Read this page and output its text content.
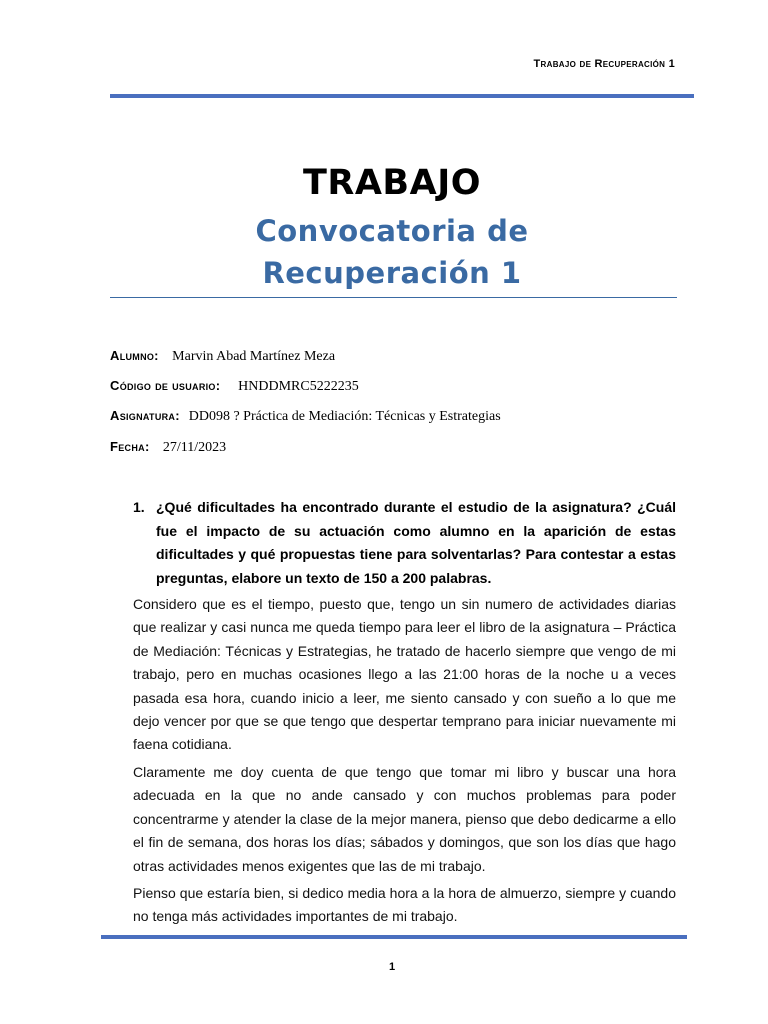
Trabajo de Recuperación 1
TRABAJO
Convocatoria de
Recuperación 1
Alumno: Marvin Abad Martínez Meza
Código de usuario: HNDDMRC5222235
Asignatura: DD098 ? Práctica de Mediación: Técnicas y Estrategias
Fecha: 27/11/2023
1. ¿Qué dificultades ha encontrado durante el estudio de la asignatura? ¿Cuál fue el impacto de su actuación como alumno en la aparición de estas dificultades y qué propuestas tiene para solventarlas? Para contestar a estas preguntas, elabore un texto de 150 a 200 palabras.
Considero que es el tiempo, puesto que, tengo un sin numero de actividades diarias que realizar y casi nunca me queda tiempo para leer el libro de la asignatura – Práctica de Mediación: Técnicas y Estrategias, he tratado de hacerlo siempre que vengo de mi trabajo, pero en muchas ocasiones llego a las 21:00 horas de la noche u a veces pasada esa hora, cuando inicio a leer, me siento cansado y con sueño a lo que me dejo vencer por que se que tengo que despertar temprano para iniciar nuevamente mi faena cotidiana.
Claramente me doy cuenta de que tengo que tomar mi libro y buscar una hora adecuada en la que no ande cansado y con muchos problemas para poder concentrarme y atender la clase de la mejor manera, pienso que debo dedicarme a ello el fin de semana, dos horas los días; sábados y domingos, que son los días que hago otras actividades menos exigentes que las de mi trabajo.
Pienso que estaría bien, si dedico media hora a la hora de almuerzo, siempre y cuando no tenga más actividades importantes de mi trabajo.
1
